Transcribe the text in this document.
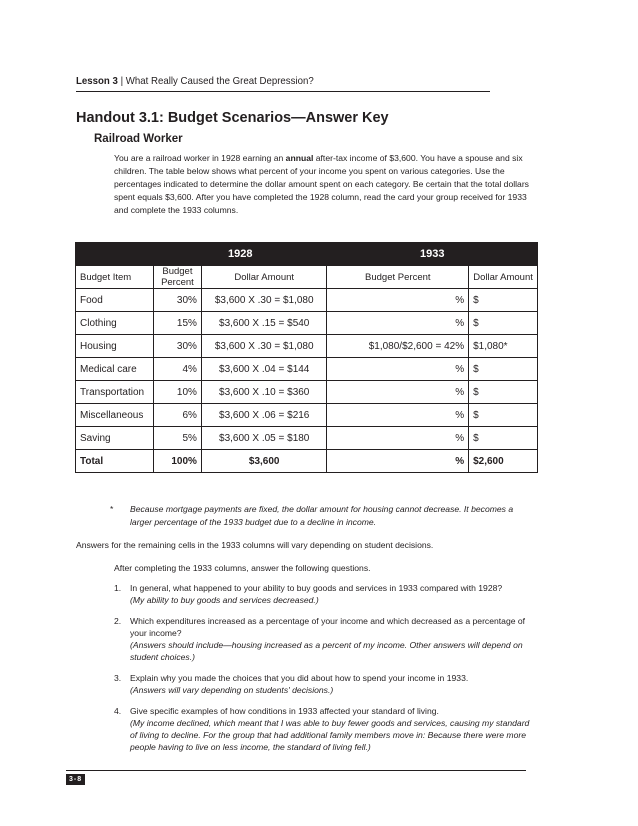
Lesson 3 | What Really Caused the Great Depression?
Handout 3.1: Budget Scenarios—Answer Key
Railroad Worker
You are a railroad worker in 1928 earning an annual after-tax income of $3,600. You have a spouse and six children. The table below shows what percent of your income you spent on various categories. Use the percentages indicated to determine the dollar amount spent on each category. Be certain that the total dollars spent equals $3,600. After you have completed the 1928 column, read the card your group received for 1933 and complete the 1933 columns.
	1928		1933	
Budget Item	Budget Percent	Dollar Amount	Budget Percent	Dollar Amount
Food	30%	$3,600 X .30 = $1,080	%	$
Clothing	15%	$3,600 X .15 = $540	%	$
Housing	30%	$3,600 X .30 = $1,080	$1,080/$2,600 = 42%	$1,080*
Medical care	4%	$3,600 X .04 = $144	%	$
Transportation	10%	$3,600 X .10 = $360	%	$
Miscellaneous	6%	$3,600 X .06 = $216	%	$
Saving	5%	$3,600 X .05 = $180	%	$
Total	100%	$3,600	%	$2,600
* Because mortgage payments are fixed, the dollar amount for housing cannot decrease. It becomes a larger percentage of the 1933 budget due to a decline in income.
Answers for the remaining cells in the 1933 columns will vary depending on student decisions.
After completing the 1933 columns, answer the following questions.
1. In general, what happened to your ability to buy goods and services in 1933 compared with 1928?
(My ability to buy goods and services decreased.)
2. Which expenditures increased as a percentage of your income and which decreased as a percentage of your income?
(Answers should include—housing increased as a percent of my income. Other answers will depend on student choices.)
3. Explain why you made the choices that you did about how to spend your income in 1933.
(Answers will vary depending on students' decisions.)
4. Give specific examples of how conditions in 1933 affected your standard of living.
(My income declined, which meant that I was able to buy fewer goods and services, causing my standard of living to decline. For the group that had additional family members move in: Because there were more people having to live on less income, the standard of living fell.)
3-8
